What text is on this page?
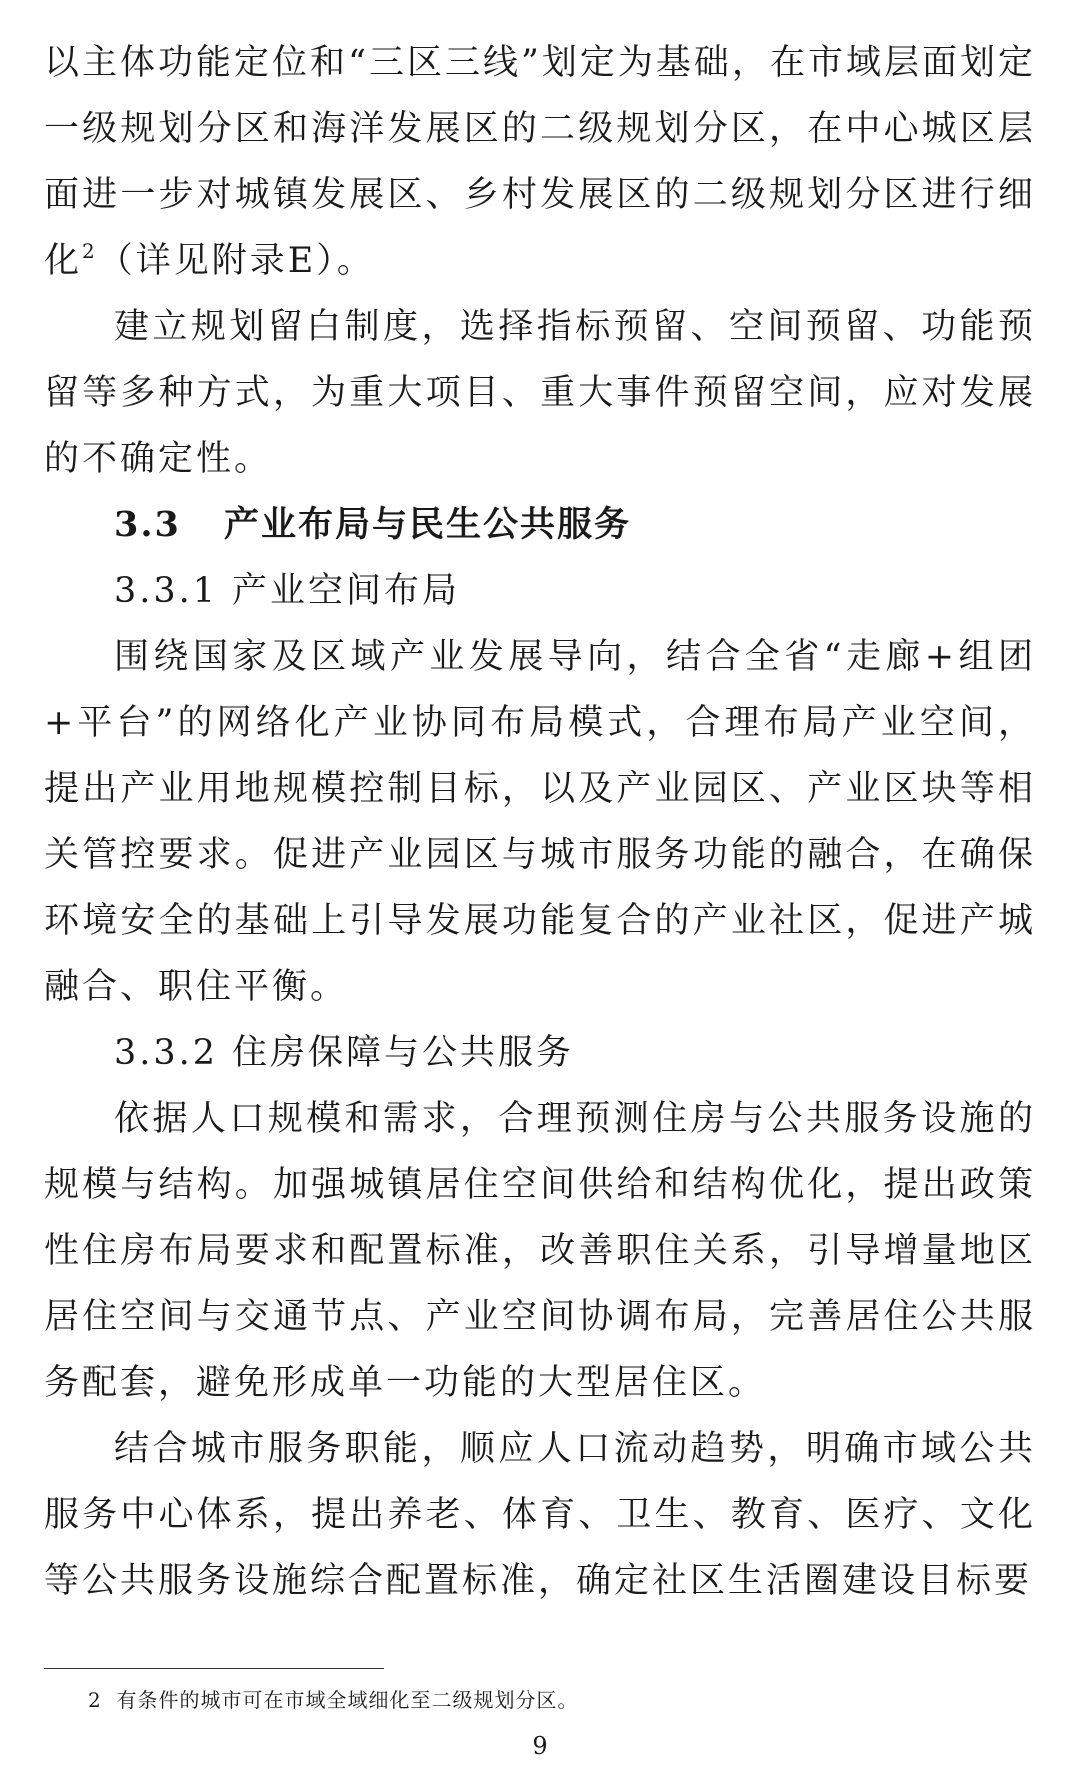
以主体功能定位和“三区三线”划定为基础，在市域层面划定一级规划分区和海洋发展区的二级规划分区，在中心城区层面进一步对城镇发展区、乡村发展区的二级规划分区进行细化$^2$（详见附录E）。

建立规划留白制度，选择指标预留、空间预留、功能预留等多种方式，为重大项目、重大事件预留空间，应对发展的不确定性。

3.3 产业布局与民生公共服务

3.3.1 产业空间布局

围绕国家及区域产业发展导向，结合全省“走廊+组团+平台”的网络化产业协同布局模式，合理布局产业空间，提出产业用地规模控制目标，以及产业园区、产业区块等相关管控要求。促进产业园区与城市服务功能的融合，在确保环境安全的基础上引导发展功能复合的产业社区，促进产城融合、职住平衡。

3.3.2 住房保障与公共服务

依据人口规模和需求，合理预测住房与公共服务设施的规模与结构。加强城镇居住空间供给和结构优化，提出政策性住房布局要求和配置标准，改善职住关系，引导增量地区居住空间与交通节点、产业空间协调布局，完善居住公共服务配套，避免形成单一功能的大型居住区。

结合城市服务职能，顺应人口流动趋势，明确市域公共服务中心体系，提出养老、体育、卫生、教育、医疗、文化等公共服务设施综合配置标准，确定社区生活圈建设目标要

2 有条件的城市可在市域全域细化至二级规划分区。
9
